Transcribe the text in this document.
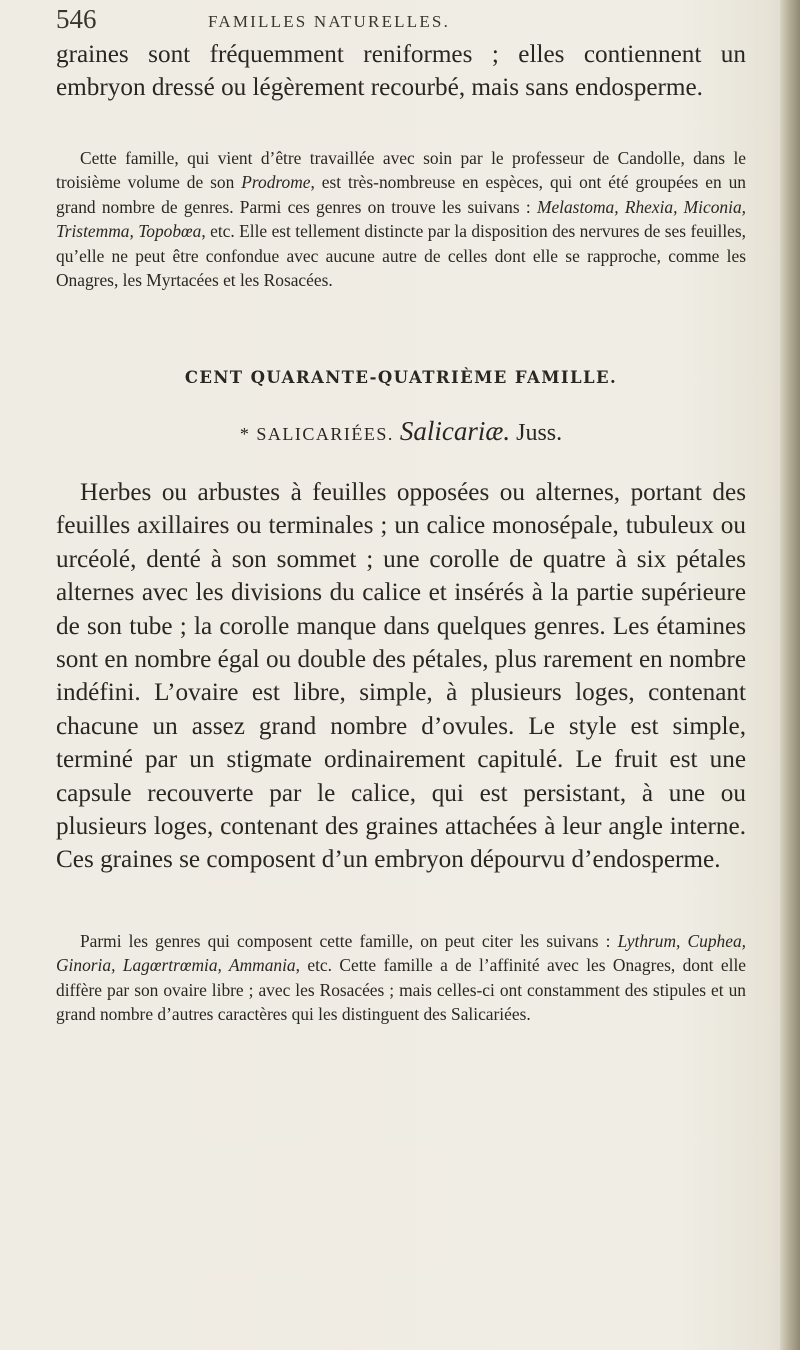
546	FAMILLES NATURELLES.

graines sont fréquemment reniformes ; elles contiennent un embryon dressé ou légèrement recourbé, mais sans endosperme.

Cette famille, qui vient d’être travaillée avec soin par le professeur de Candolle, dans le troisième volume de son Prodrome, est très-nombreuse en espèces, qui ont été groupées en un grand nombre de genres. Parmi ces genres on trouve les suivans : Melastoma, Rhexia, Miconia, Tristemma, Topobœa, etc. Elle est tellement distincte par la disposition des nervures de ses feuilles, qu’elle ne peut être confondue avec aucune autre de celles dont elle se rapproche, comme les Onagres, les Myrtacées et les Rosacées.

CENT QUARANTE-QUATRIÈME FAMILLE.
* SALICARIÉES. Salicariæ. Juss.

Herbes ou arbustes à feuilles opposées ou alternes, portant des feuilles axillaires ou terminales ; un calice monosépale, tubuleux ou urcéolé, denté à son sommet ; une corolle de quatre à six pétales alternes avec les divisions du calice et insérés à la partie supérieure de son tube ; la corolle manque dans quelques genres. Les étamines sont en nombre égal ou double des pétales, plus rarement en nombre indéfini. L’ovaire est libre, simple, à plusieurs loges, contenant chacune un assez grand nombre d’ovules. Le style est simple, terminé par un stigmate ordinairement capitulé. Le fruit est une capsule recouverte par le calice, qui est persistant, à une ou plusieurs loges, contenant des graines attachées à leur angle interne. Ces graines se composent d’un embryon dépourvu d’endosperme.

Parmi les genres qui composent cette famille, on peut citer les suivans : Lythrum, Cuphea, Ginoria, Lagœrtrœmia, Ammania, etc. Cette famille a de l’affinité avec les Onagres, dont elle diffère par son ovaire libre ; avec les Rosacées ; mais celles-ci ont constamment des stipules et un grand nombre d’autres caractères qui les distinguent des Salicariées.
